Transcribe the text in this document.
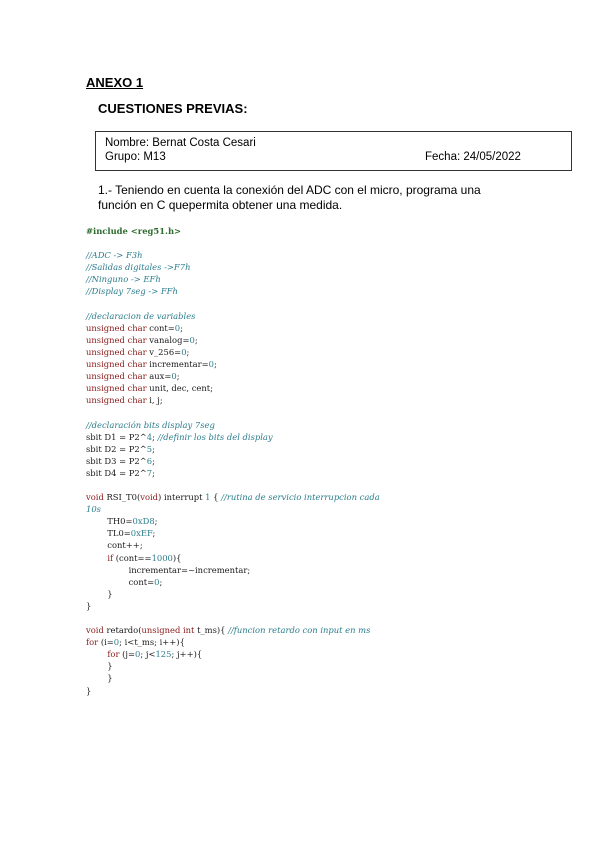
ANEXO 1
CUESTIONES PREVIAS:
Nombre: Bernat Costa Cesari
Grupo: M13	Fecha: 24/05/2022

1.- Teniendo en cuenta la conexión del ADC con el micro, programa una función en C quepermita obtener una medida.

#include <reg51.h>
//ADC -> F3h
//Salidas digitales ->F7h
//Ninguno -> EFh
//Display 7seg -> FFh
//declaracion de variables
unsigned char cont=0;
unsigned char vanalog=0;
unsigned char v_256=0;
unsigned char incrementar=0;
unsigned char aux=0;
unsigned char unit, dec, cent;
unsigned char i, j;
//declaración bits display 7seg
sbit D1 = P2^4; //definir los bits del display
sbit D2 = P2^5;
sbit D3 = P2^6;
sbit D4 = P2^7;
void RSI_T0(void) interrupt 1 { //rutina de servicio interrupcion cada
10s
TH0=0xD8;
TL0=0xEF;
cont++;
if (cont==1000){
incrementar=~incrementar;
cont=0;
}
}
void retardo(unsigned int t_ms){ //funcion retardo con input en ms
for (i=0; i<t_ms; i++){
for (j=0; j<125; j++){
}
}
}
